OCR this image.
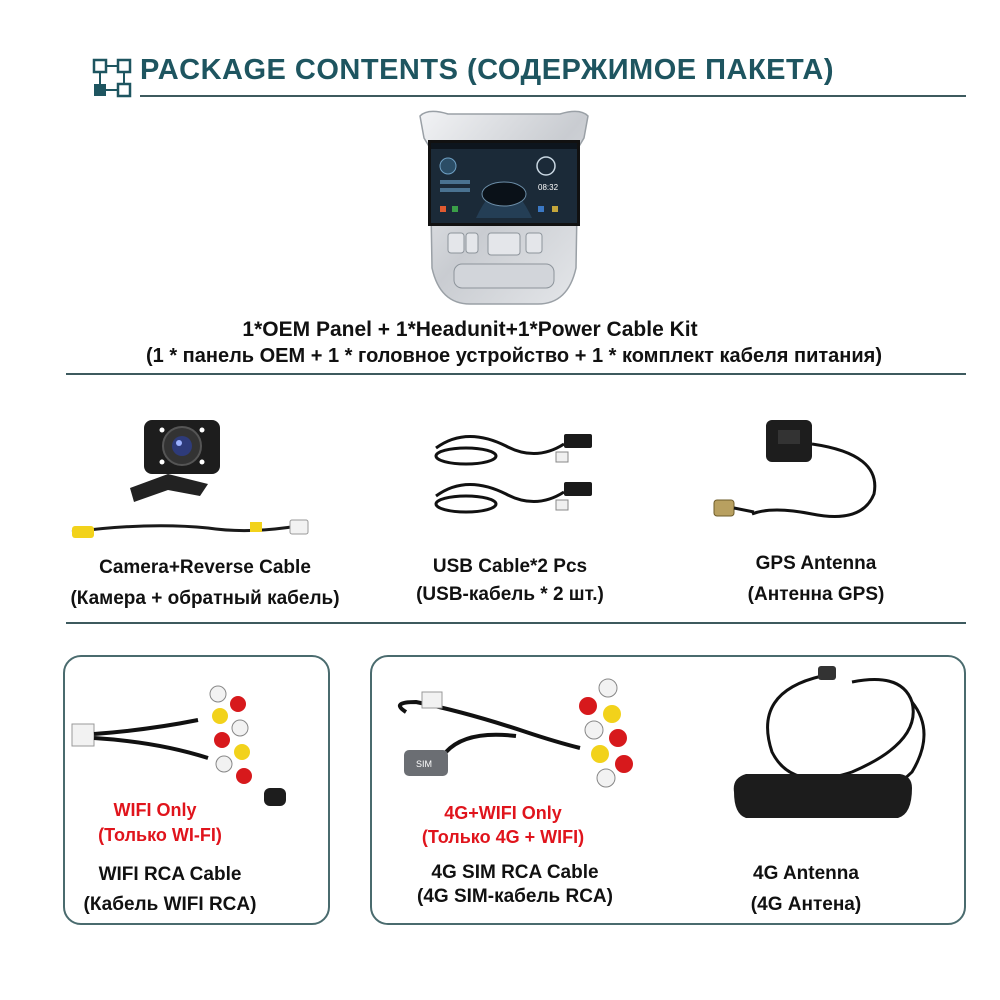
PACKAGE CONTENTS (СОДЕРЖИМОЕ ПАКЕТА)
08:32
1*OEM Panel + 1*Headunit+1*Power Cable Kit
(1 * панель OEM + 1 * головное устройство + 1 * комплект кабеля питания)
Camera+Reverse Cable
(Камера + обратный кабель)
USB Cable*2 Pcs
(USB-кабель * 2 шт.)
GPS Antenna
(Антенна GPS)
WIFI Only
(Только WI-FI)
WIFI RCA Cable
(Кабель WIFI RCA)
SIM
4G+WIFI Only
(Только 4G + WIFI)
4G SIM RCA Cable
(4G SIM-кабель RCA)
4G Antenna
(4G Антена)
